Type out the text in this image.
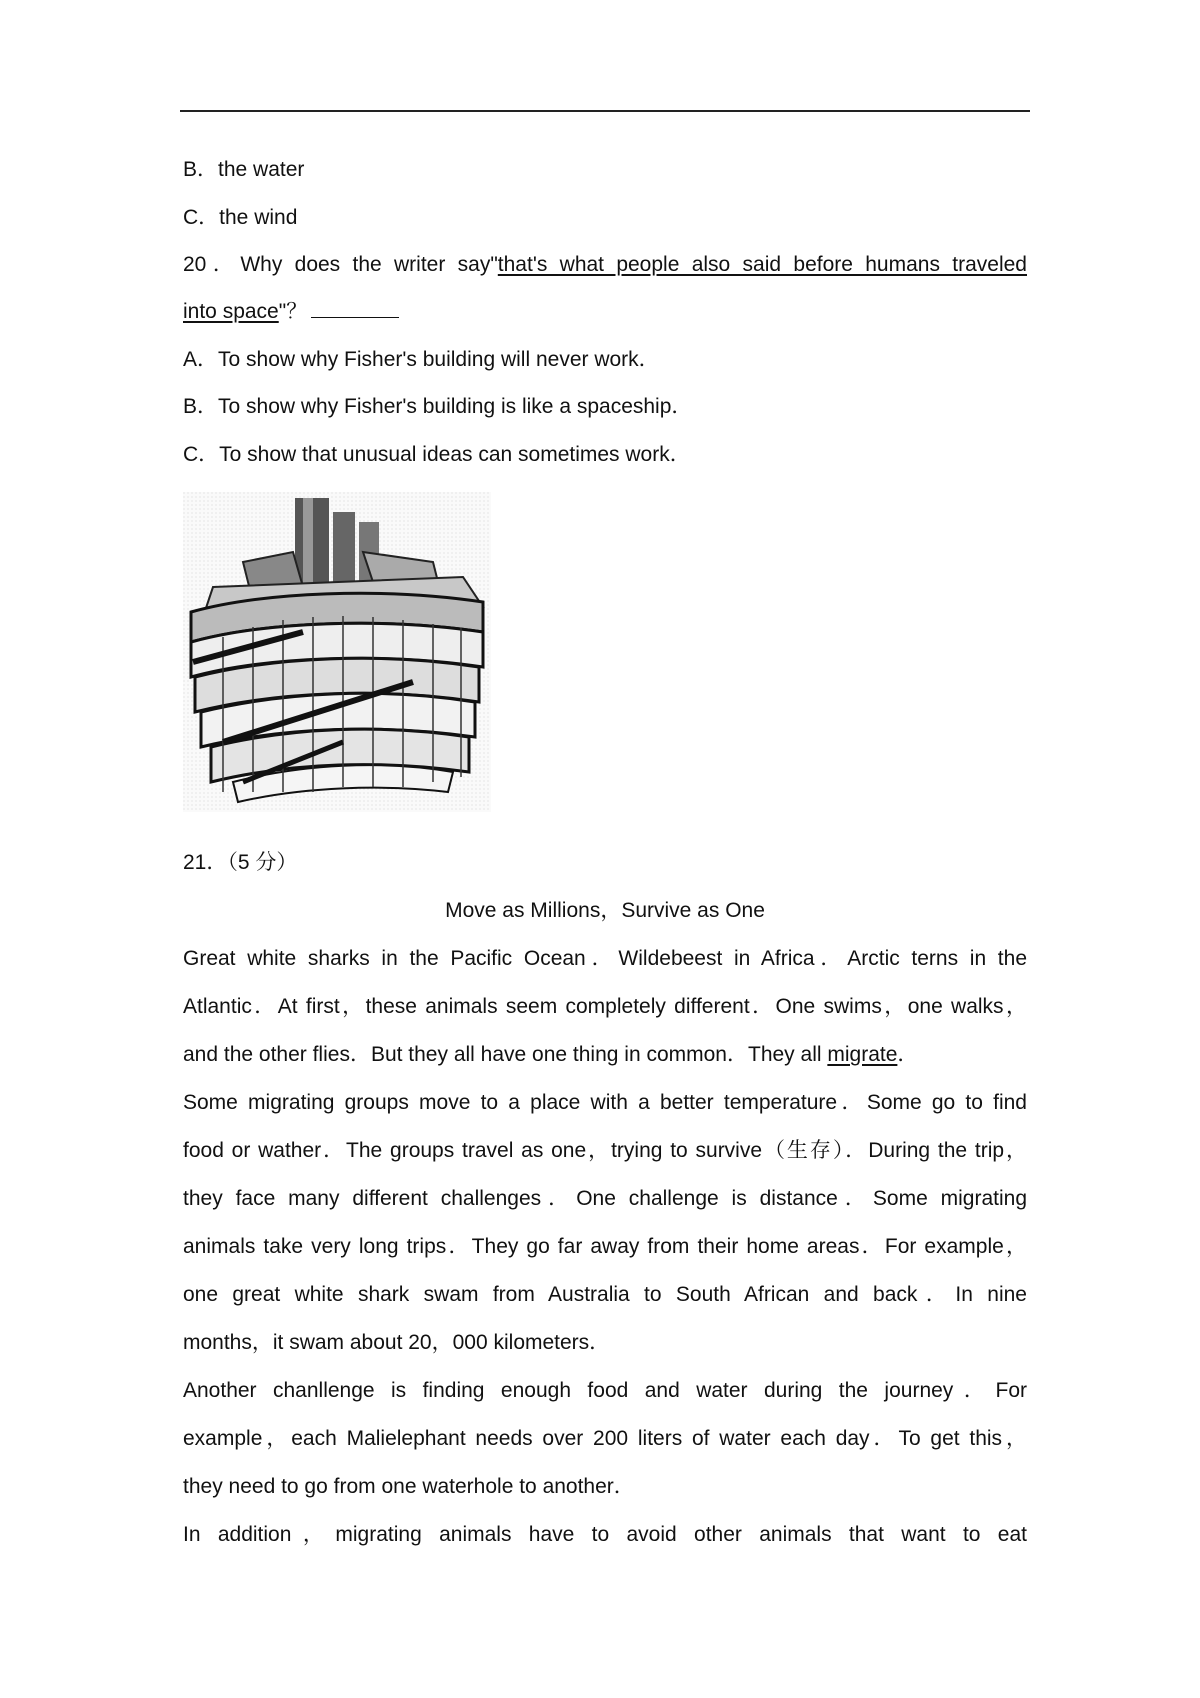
B．the water
C．the wind
20．Why does the writer say"that's what people also said before humans traveled
into space"？
A．To show why Fisher's building will never work．
B．To show why Fisher's building is like a spaceship．
C．To show that unusual ideas can sometimes work．
21．（5 分）
Move as Millions，Survive as One
Great white sharks in the Pacific Ocean．Wildebeest in Africa．Arctic terns in the
Atlantic．At first，these animals seem completely different．One swims，one walks，
and the other flies．But they all have one thing in common．They all migrate．
Some migrating groups move to a place with a better temperature．Some go to find
food or wather．The groups travel as one，trying to survive（生存）．During the trip，
they face many different challenges．One challenge is distance．Some migrating
animals take very long trips．They go far away from their home areas．For example，
one great white shark swam from Australia to South African and back．In nine
months，it swam about 20，000 kilometers．
Another chanllenge is finding enough food and water during the journey．For
example，each Malielephant needs over 200 liters of water each day．To get this，
they need to go from one waterhole to another．
In addition，migrating animals have to avoid other animals that want to eat
